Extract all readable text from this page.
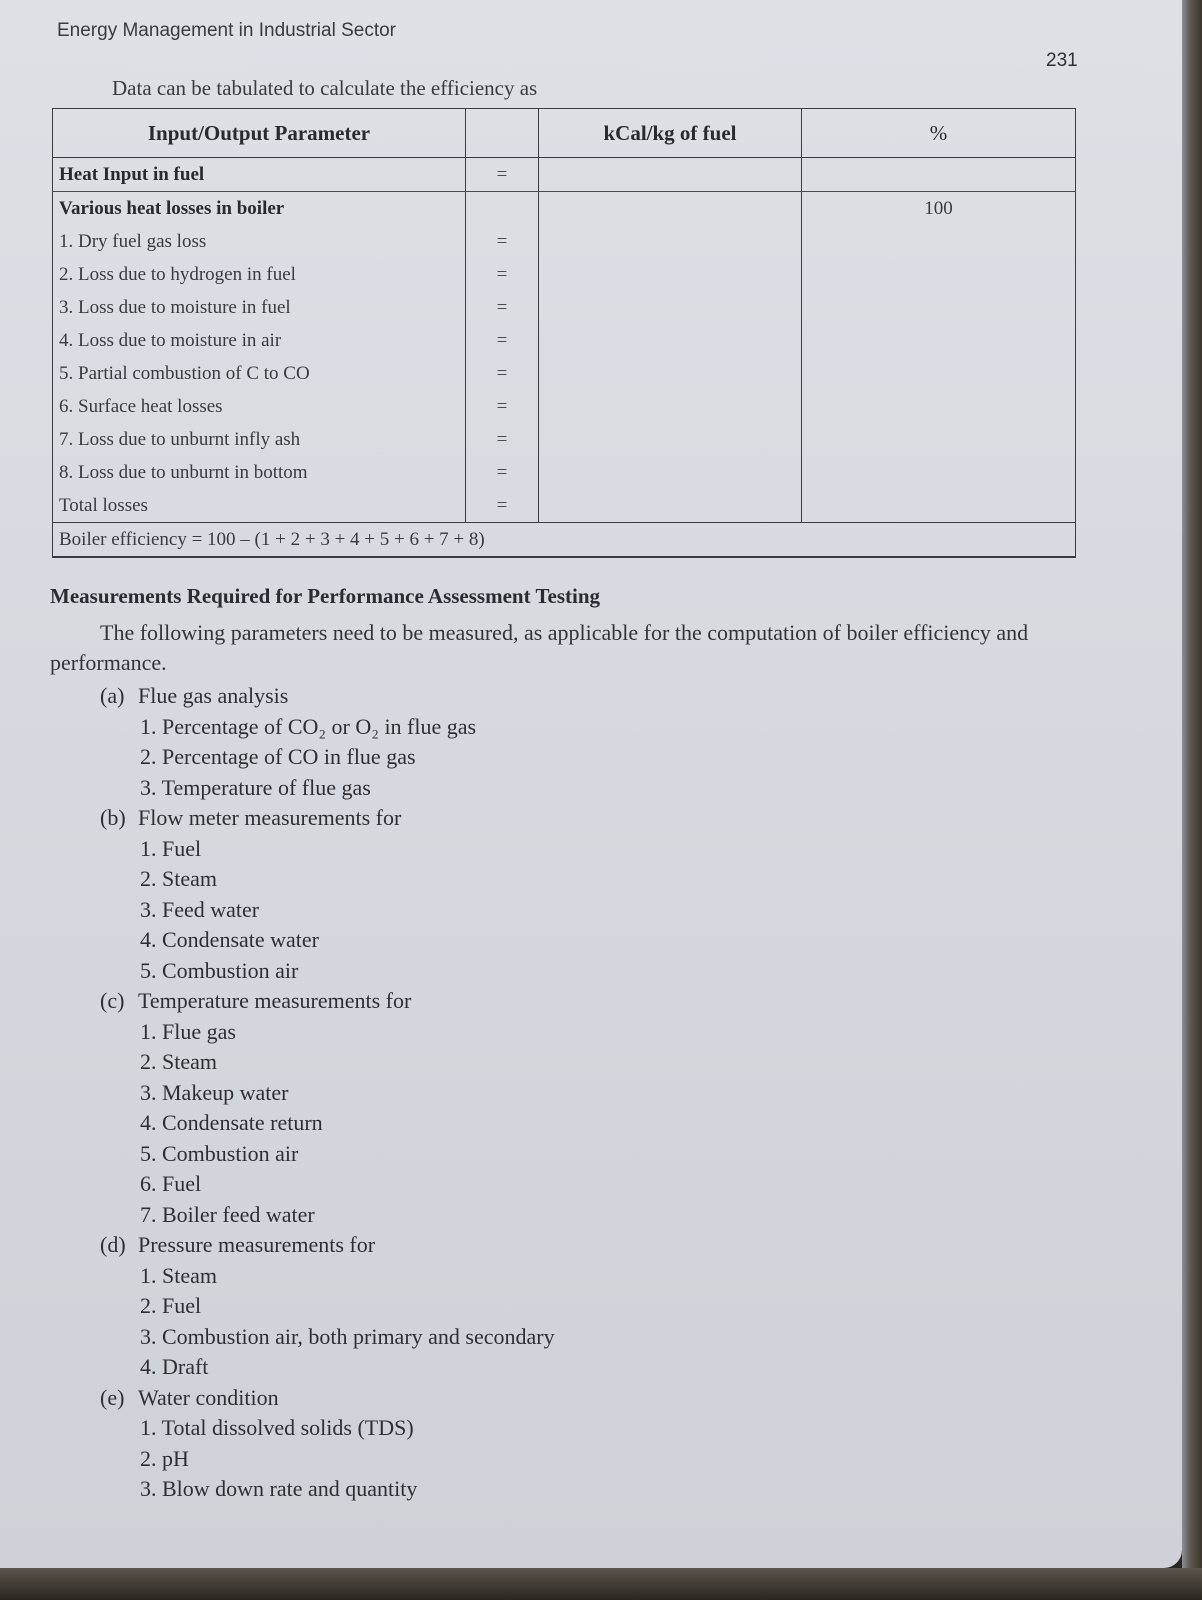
Energy Management in Industrial Sector
231
Data can be tabulated to calculate the efficiency as
Input/Output Parameter		kCal/kg of fuel	%
Heat Input in fuel	=		
Various heat losses in boiler			100
1. Dry fuel gas loss	=		
2. Loss due to hydrogen in fuel	=		
3. Loss due to moisture in fuel	=		
4. Loss due to moisture in air	=		
5. Partial combustion of C to CO	=		
6. Surface heat losses	=		
7. Loss due to unburnt infly ash	=		
8. Loss due to unburnt in bottom	=		
Total losses	=		
Boiler efficiency = 100 – (1 + 2 + 3 + 4 + 5 + 6 + 7 + 8)			
Measurements Required for Performance Assessment Testing
The following parameters need to be measured, as applicable for the computation of boiler efficiency and performance.
(a) Flue gas analysis
1. Percentage of CO₂ or O₂ in flue gas
2. Percentage of CO in flue gas
3. Temperature of flue gas
(b) Flow meter measurements for
1. Fuel
2. Steam
3. Feed water
4. Condensate water
5. Combustion air
(c) Temperature measurements for
1. Flue gas
2. Steam
3. Makeup water
4. Condensate return
5. Combustion air
6. Fuel
7. Boiler feed water
(d) Pressure measurements for
1. Steam
2. Fuel
3. Combustion air, both primary and secondary
4. Draft
(e) Water condition
1. Total dissolved solids (TDS)
2. pH
3. Blow down rate and quantity
